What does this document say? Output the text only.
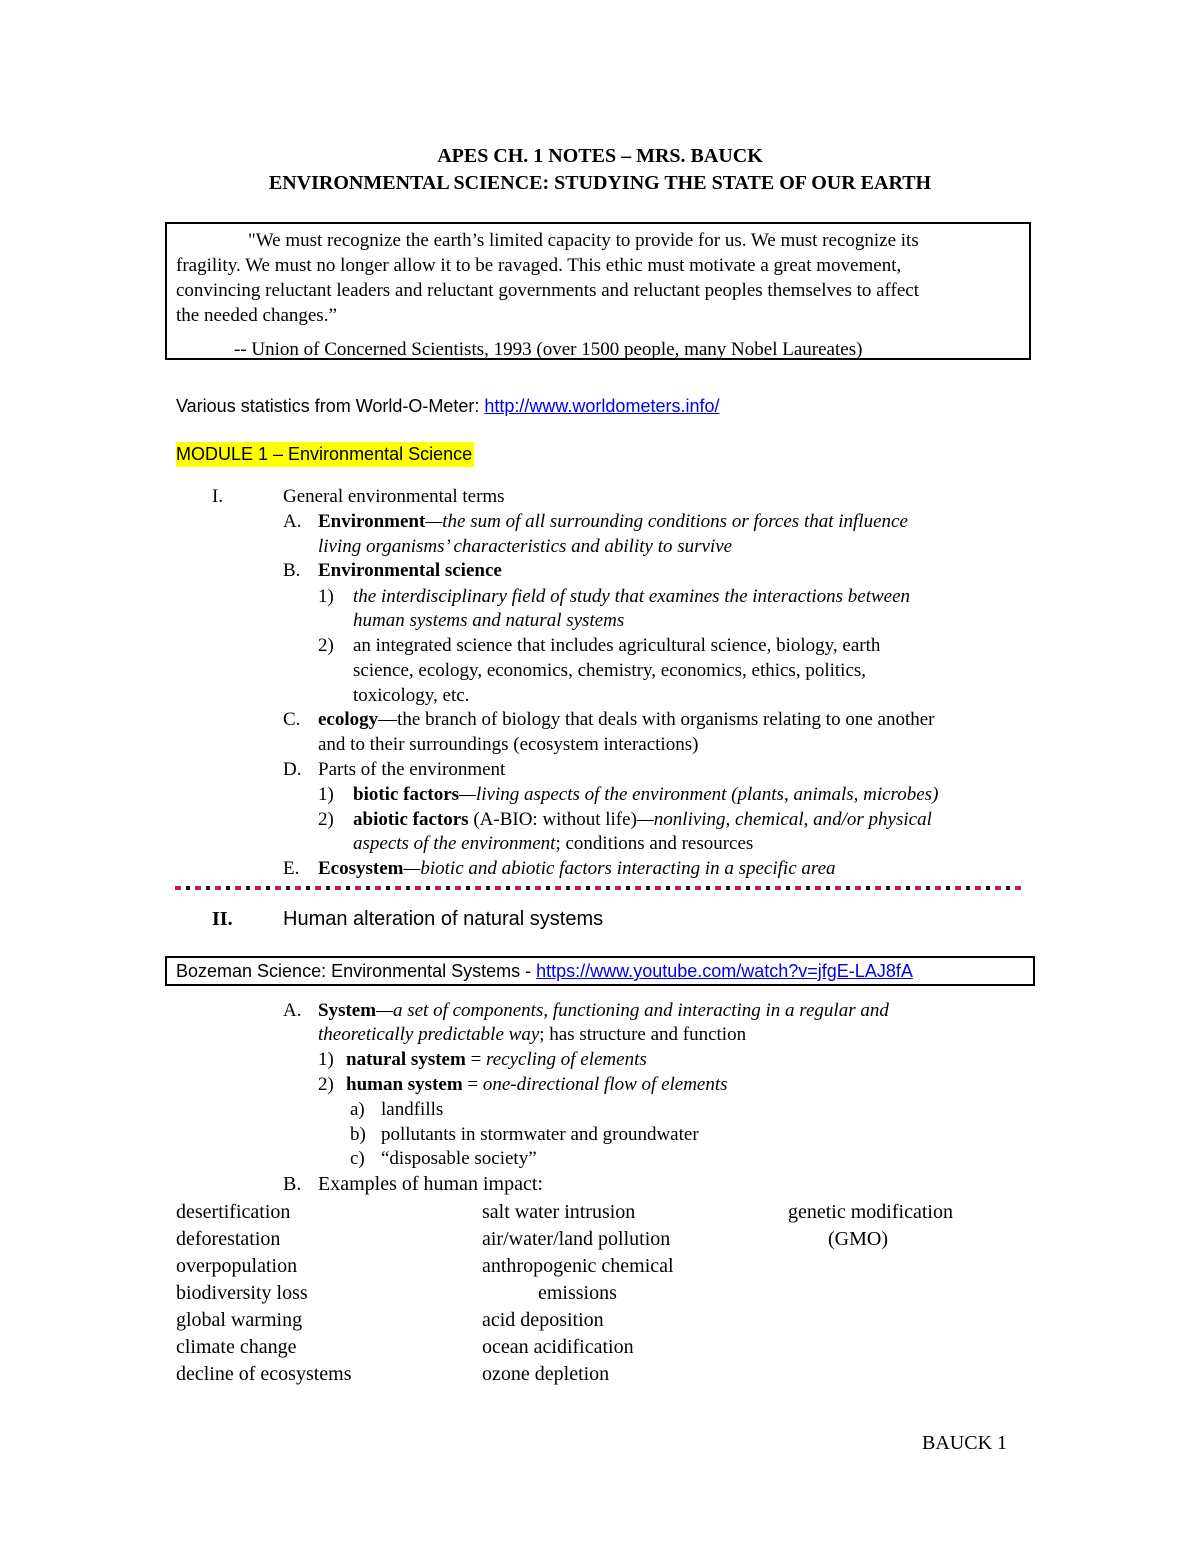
APES CH. 1 NOTES – MRS. BAUCK
ENVIRONMENTAL SCIENCE: STUDYING THE STATE OF OUR EARTH
"We must recognize the earth’s limited capacity to provide for us. We must recognize its
fragility. We must no longer allow it to be ravaged. This ethic must motivate a great movement,
convincing reluctant leaders and reluctant governments and reluctant peoples themselves to affect
the needed changes.”
-- Union of Concerned Scientists, 1993 (over 1500 people, many Nobel Laureates)
Various statistics from World-O-Meter: http://www.worldometers.info/
MODULE 1 – Environmental Science
I.	General environmental terms
A. Environment—the sum of all surrounding conditions or forces that influence
living organisms’ characteristics and ability to survive
B. Environmental science
1) the interdisciplinary field of study that examines the interactions between
human systems and natural systems
2) an integrated science that includes agricultural science, biology, earth
science, ecology, economics, chemistry, economics, ethics, politics,
toxicology, etc.
C. ecology—the branch of biology that deals with organisms relating to one another
and to their surroundings (ecosystem interactions)
D. Parts of the environment
1) biotic factors—living aspects of the environment (plants, animals, microbes)
2) abiotic factors (A-BIO: without life)—nonliving, chemical, and/or physical
aspects of the environment; conditions and resources
E. Ecosystem—biotic and abiotic factors interacting in a specific area
II.	Human alteration of natural systems
Bozeman Science: Environmental Systems - https://www.youtube.com/watch?v=jfgE-LAJ8fA
A. System—a set of components, functioning and interacting in a regular and
theoretically predictable way; has structure and function
1) natural system = recycling of elements
2) human system = one-directional flow of elements
a) landfills
b) pollutants in stormwater and groundwater
c) “disposable society”
B. Examples of human impact:
desertification
deforestation
overpopulation
biodiversity loss
global warming
climate change
decline of ecosystems
salt water intrusion
air/water/land pollution
anthropogenic chemical
emissions
acid deposition
ocean acidification
ozone depletion
genetic modification
(GMO)
BAUCK 1
